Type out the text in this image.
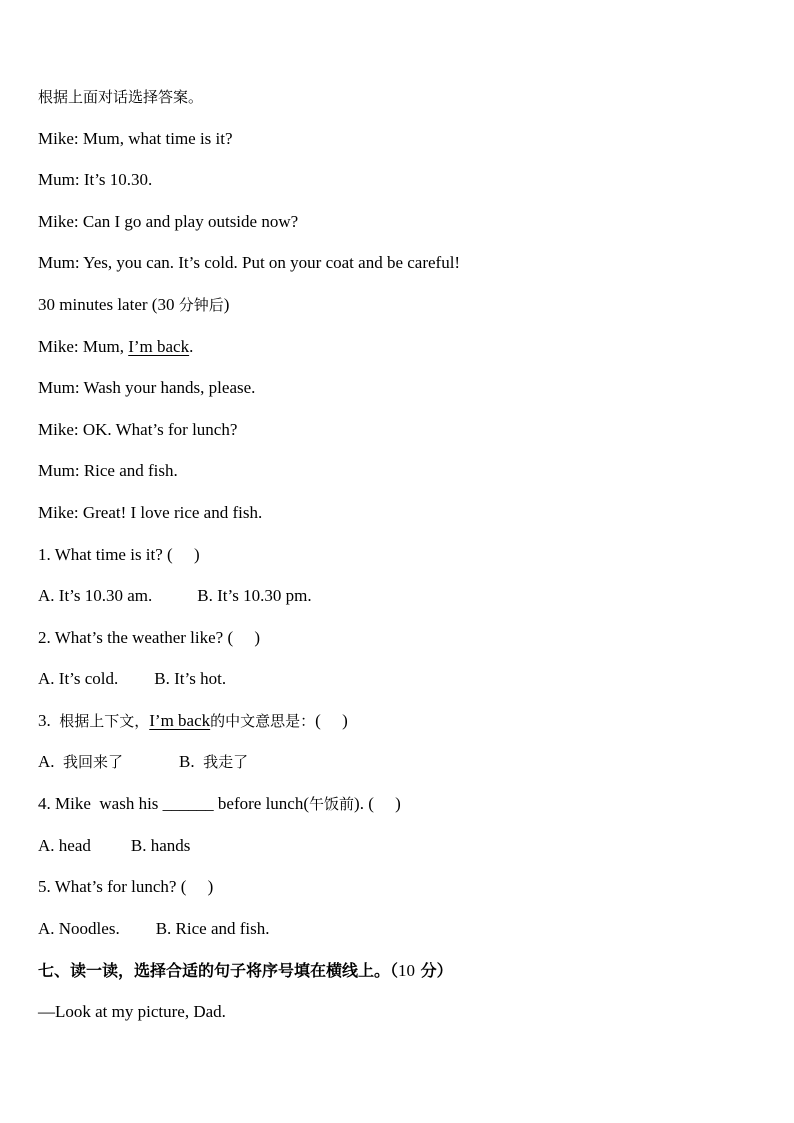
根据上面对话选择答案。
Mike: Mum, what time is it?
Mum: It’s 10.30.
Mike: Can I go and play outside now?
Mum: Yes, you can. It’s cold. Put on your coat and be careful!
30 minutes later (30 分钟后)
Mike: Mum, I’m back.
Mum: Wash your hands, please.
Mike: OK. What’s for lunch?
Mum: Rice and fish.
Mike: Great! I love rice and fish.
1. What time is it? (     )
A. It’s 10.30 am.	B. It’s 10.30 pm.
2. What’s the weather like? (     )
A. It’s cold. B. It’s hot.
3.  根据上下文，I’m back的中文意思是：(     )
A.  我回来了	B.  我走了
4. Mike  wash his ______ before lunch(午饭前). (     )
A. head B. hands
5. What’s for lunch? (     )
A. Noodles. B. Rice and fish.
七、读一读，选择合适的句子将序号填在横线上。（10 分）
—Look at my picture, Dad.
